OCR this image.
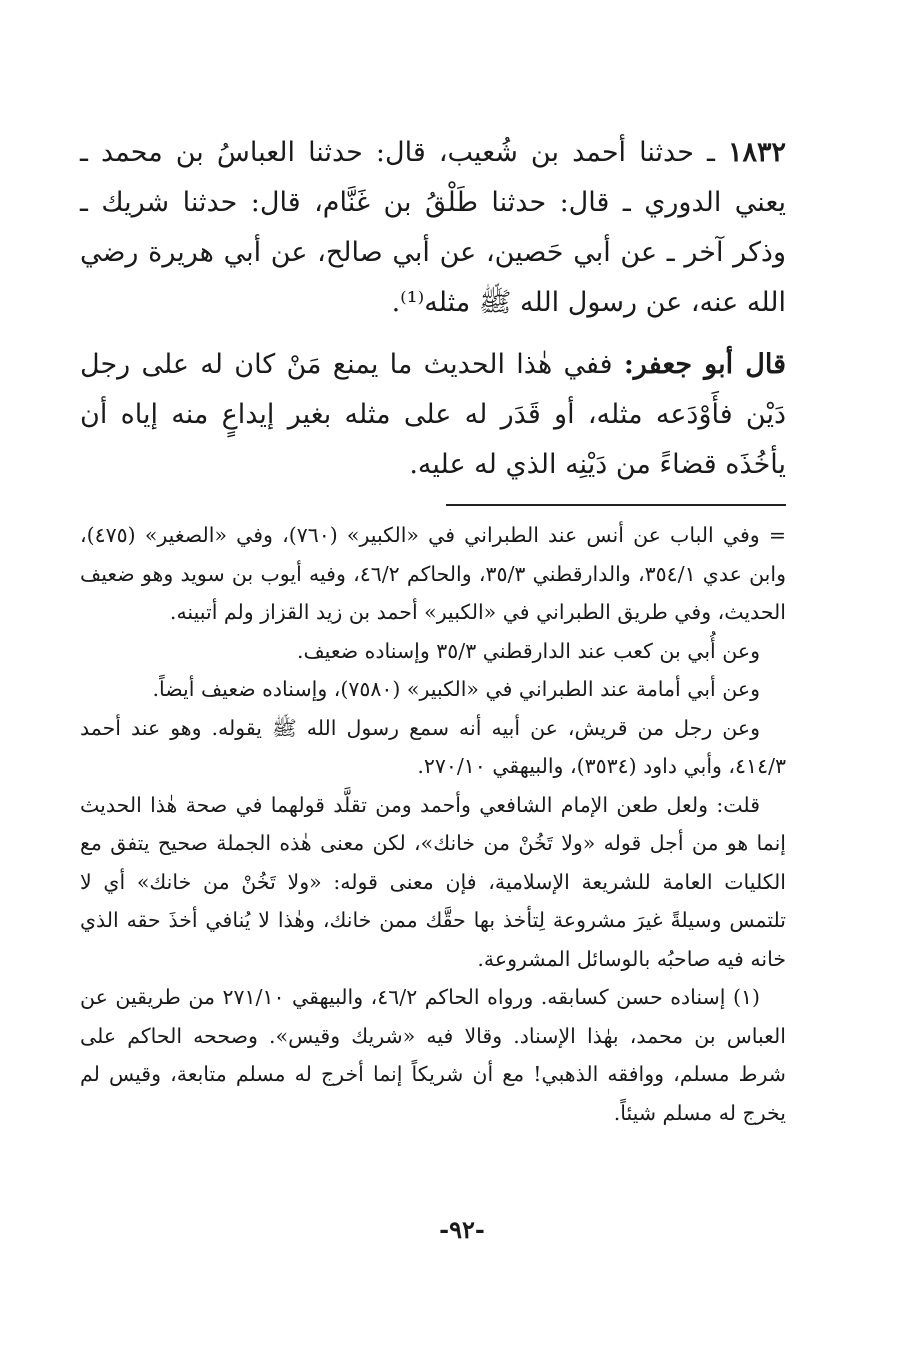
١٨٣٢ ـ حدثنا أحمد بن شُعيب، قال: حدثنا العباسُ بن محمد ـ يعني الدوري ـ قال: حدثنا طَلْقُ بن غَنَّام، قال: حدثنا شريك ـ وذكر آخر ـ عن أبي حَصين، عن أبي صالح، عن أبي هريرة رضي الله عنه، عن رسول الله ﷺ مثله⁽¹⁾.

قال أبو جعفر: ففي هٰذا الحديث ما يمنع مَنْ كان له على رجل دَيْن فأَوْدَعه مثله، أو قَدَر له على مثله بغير إيداعٍ منه إياه أن يأخُذَه قضاءً من دَيْنِه الذي له عليه.

= وفي الباب عن أنس عند الطبراني في «الكبير» (٧٦٠)، وفي «الصغير» (٤٧٥)، وابن عدي ٣٥٤/١، والدارقطني ٣٥/٣، والحاكم ٤٦/٢، وفيه أيوب بن سويد وهو ضعيف الحديث، وفي طريق الطبراني في «الكبير» أحمد بن زيد القزاز ولم أتبينه.

وعن أُبي بن كعب عند الدارقطني ٣٥/٣ وإسناده ضعيف.

وعن أبي أمامة عند الطبراني في «الكبير» (٧٥٨٠)، وإسناده ضعيف أيضاً.

وعن رجل من قريش، عن أبيه أنه سمع رسول الله ﷺ يقوله. وهو عند أحمد ٤١٤/٣، وأبي داود (٣٥٣٤)، والبيهقي ٢٧٠/١٠.

قلت: ولعل طعن الإمام الشافعي وأحمد ومن تقلَّد قولهما في صحة هٰذا الحديث إنما هو من أجل قوله «ولا تَخُنْ من خانك»، لكن معنى هٰذه الجملة صحيح يتفق مع الكليات العامة للشريعة الإسلامية، فإن معنى قوله: «ولا تَخُنْ من خانك» أي لا تلتمس وسيلةً غيرَ مشروعة لِتأخذ بها حقَّك ممن خانك، وهٰذا لا يُنافي أخذَ حقه الذي خانه فيه صاحبُه بالوسائل المشروعة.

(١) إسناده حسن كسابقه. ورواه الحاكم ٤٦/٢، والبيهقي ٢٧١/١٠ من طريقين عن العباس بن محمد، بهٰذا الإسناد. وقالا فيه «شريك وقيس». وصححه الحاكم على شرط مسلم، ووافقه الذهبي! مع أن شريكاً إنما أخرج له مسلم متابعة، وقيس لم يخرج له مسلم شيئاً.

-٩٢-
